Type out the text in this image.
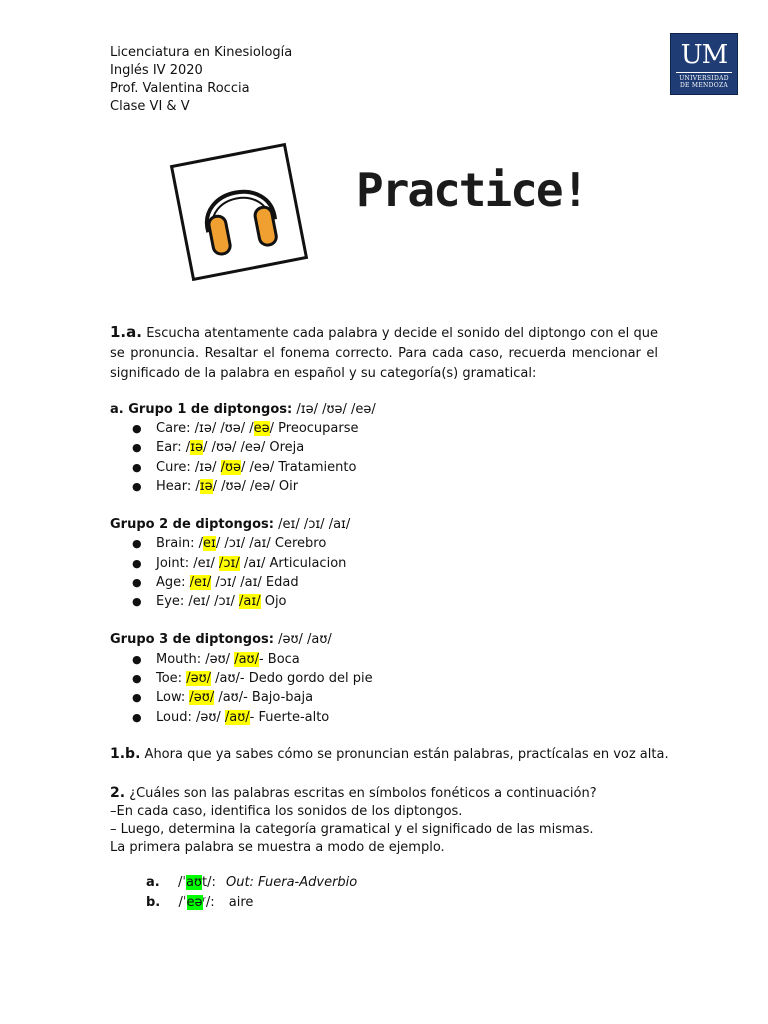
Licenciatura en Kinesiología
Inglés IV 2020
Prof. Valentina Roccia
Clase VI & V
UM
UNIVERSIDAD
DE MENDOZA
Practice!
1.a. Escucha atentamente cada palabra y decide el sonido del diptongo con el que se pronuncia. Resaltar el fonema correcto. Para cada caso, recuerda mencionar el significado de la palabra en español y su categoría(s) gramatical:
a. Grupo 1 de diptongos: /ɪə/ /ʊə/ /eə/
● Care: /ɪə/ /ʊə/ /eə/ Preocuparse
● Ear: /ɪə/ /ʊə/ /eə/ Oreja
● Cure: /ɪə/ /ʊə/ /eə/ Tratamiento
● Hear: /ɪə/ /ʊə/ /eə/ Oir
Grupo 2 de diptongos: /eɪ/ /ɔɪ/ /aɪ/
● Brain: /eɪ/ /ɔɪ/ /aɪ/ Cerebro
● Joint: /eɪ/ /ɔɪ/ /aɪ/ Articulacion
● Age: /eɪ/ /ɔɪ/ /aɪ/ Edad
● Eye: /eɪ/ /ɔɪ/ /aɪ/ Ojo
Grupo 3 de diptongos: /əʊ/ /aʊ/
● Mouth: /əʊ/ /aʊ/- Boca
● Toe: /əʊ/ /aʊ/- Dedo gordo del pie
● Low: /əʊ/ /aʊ/- Bajo-baja
● Loud: /əʊ/ /aʊ/- Fuerte-alto
1.b. Ahora que ya sabes cómo se pronuncian están palabras, practícalas en voz alta.
2. ¿Cuáles son las palabras escritas en símbolos fonéticos a continuación?
–En cada caso, identifica los sonidos de los diptongos.
– Luego, determina la categoría gramatical y el significado de las mismas.
La primera palabra se muestra a modo de ejemplo.
a. /ˈaʊt/: Out: Fuera-Adverbio
b. /ˈeəʳ/: aire
